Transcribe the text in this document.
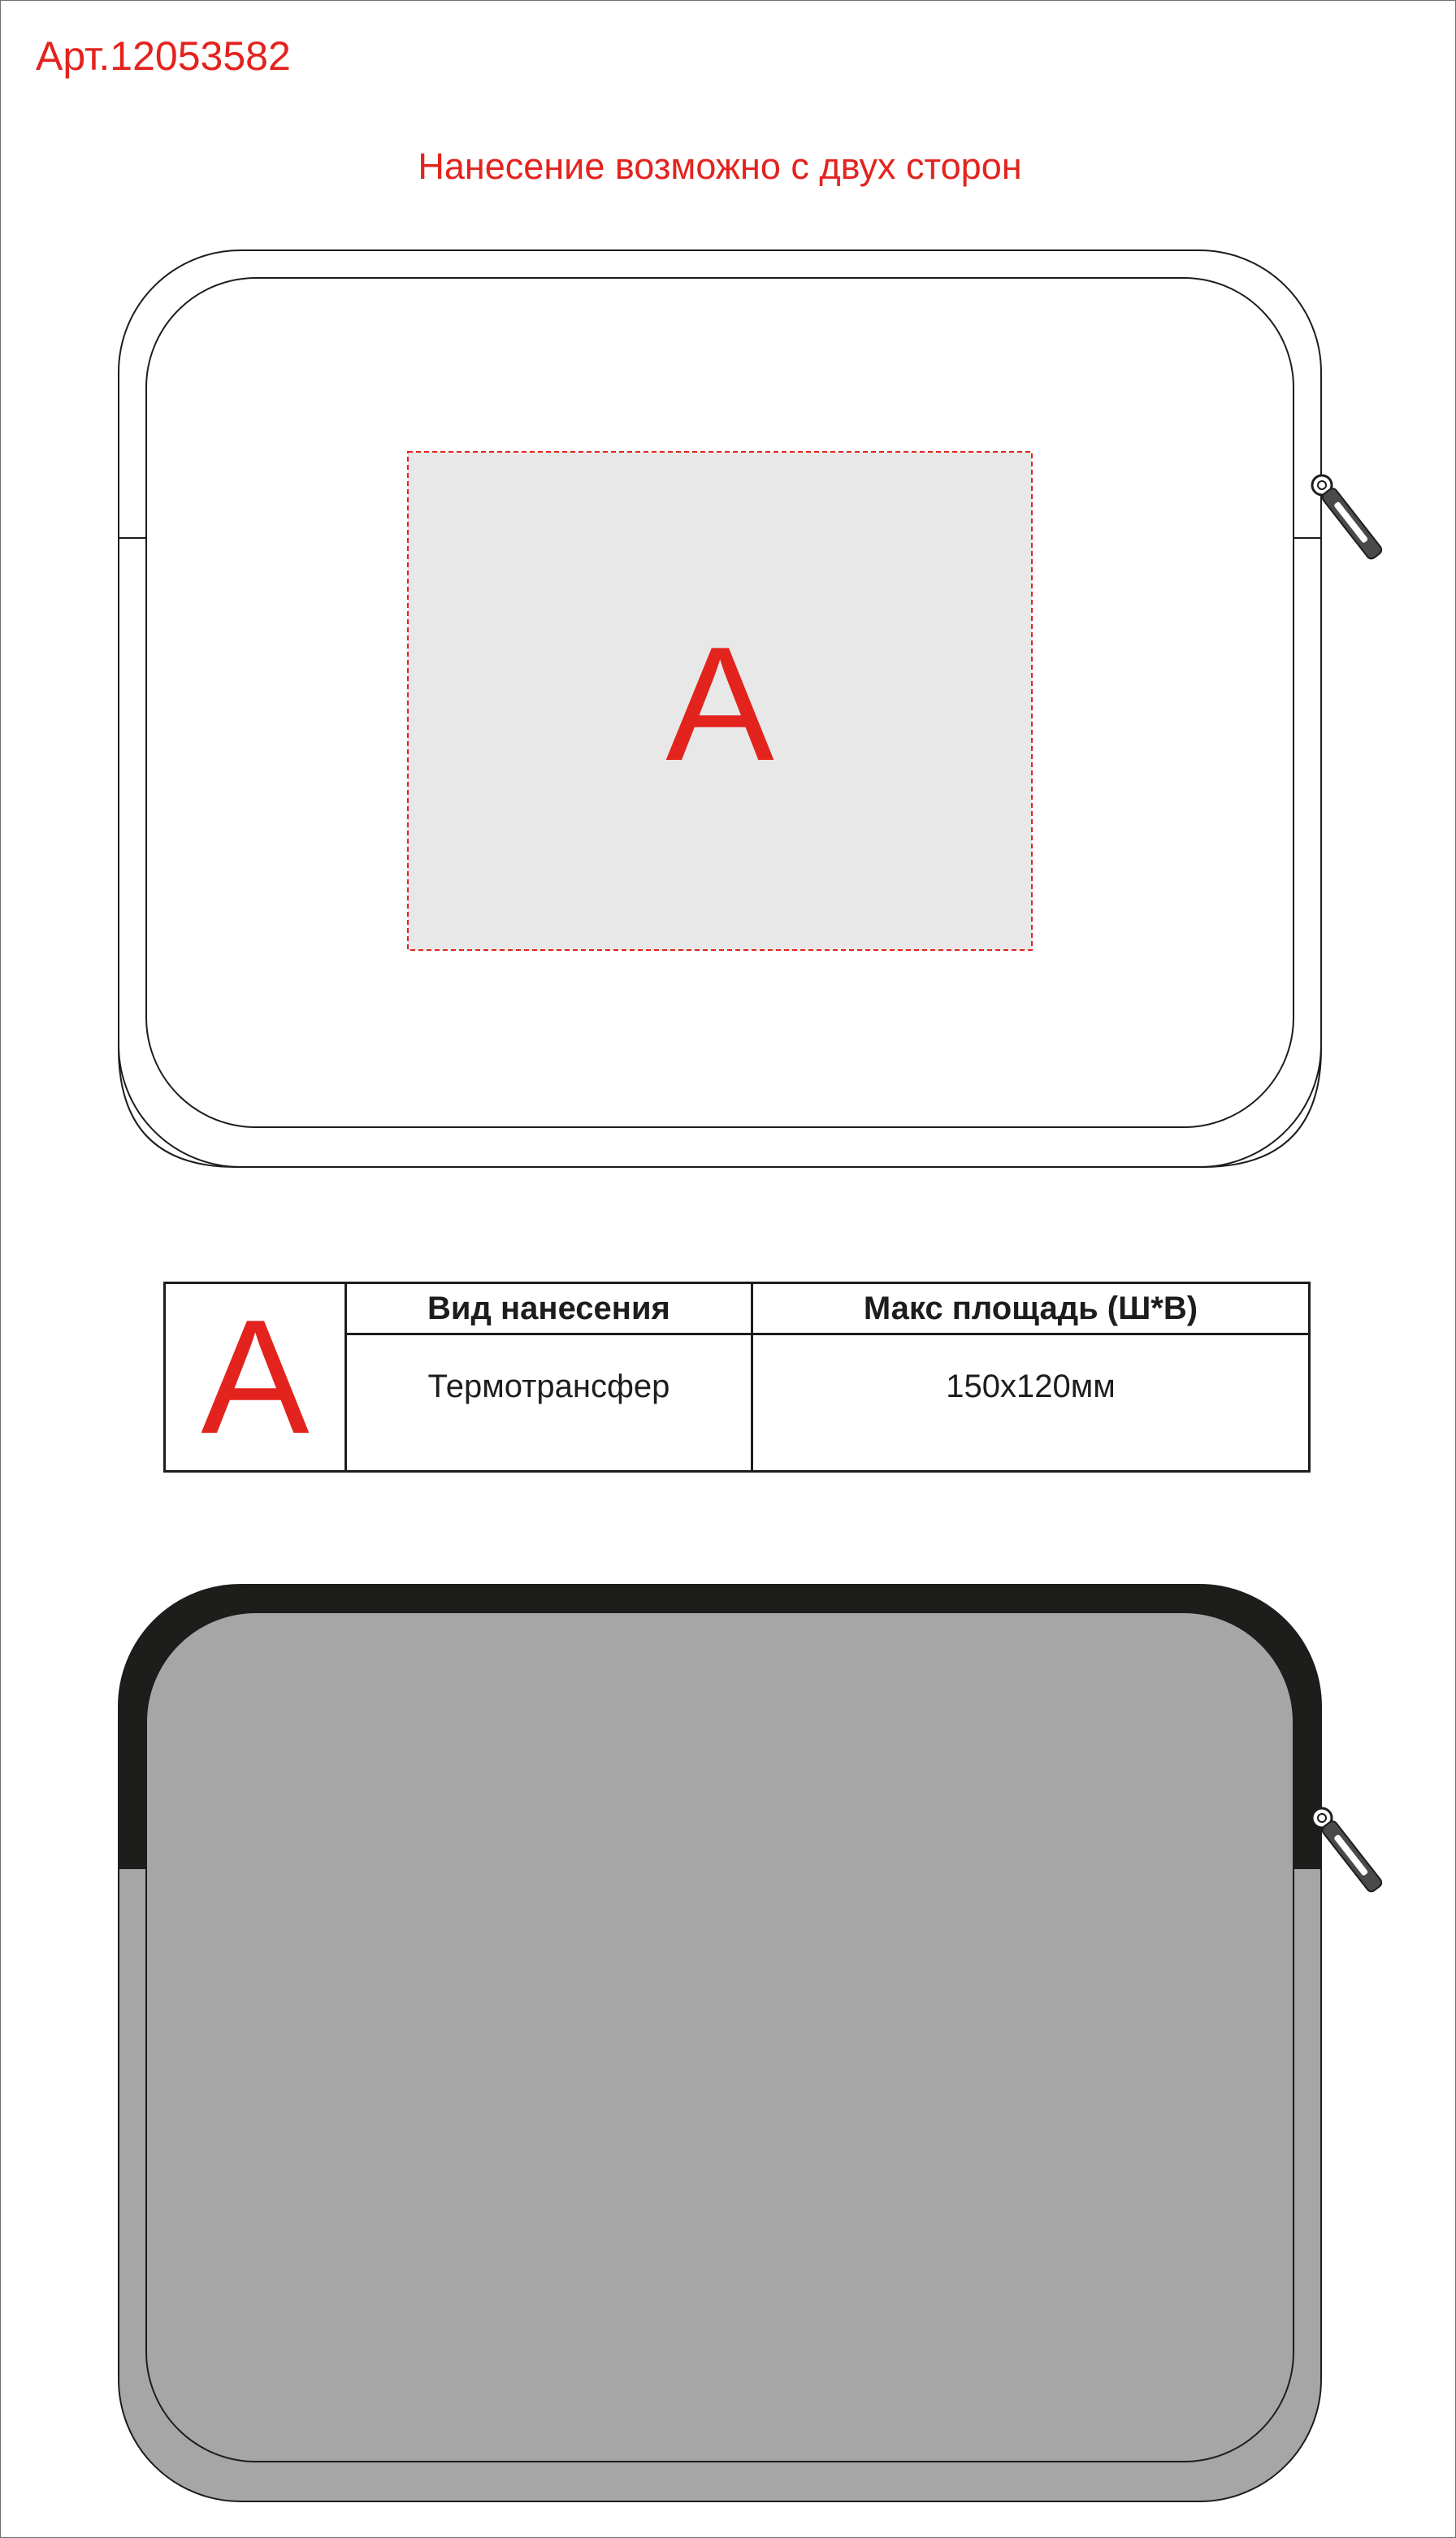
Арт.12053582
Нанесение возможно с двух сторон
A
A	Вид нанесения	Макс площадь (Ш*В)
	Термотрансфер	150x120мм
